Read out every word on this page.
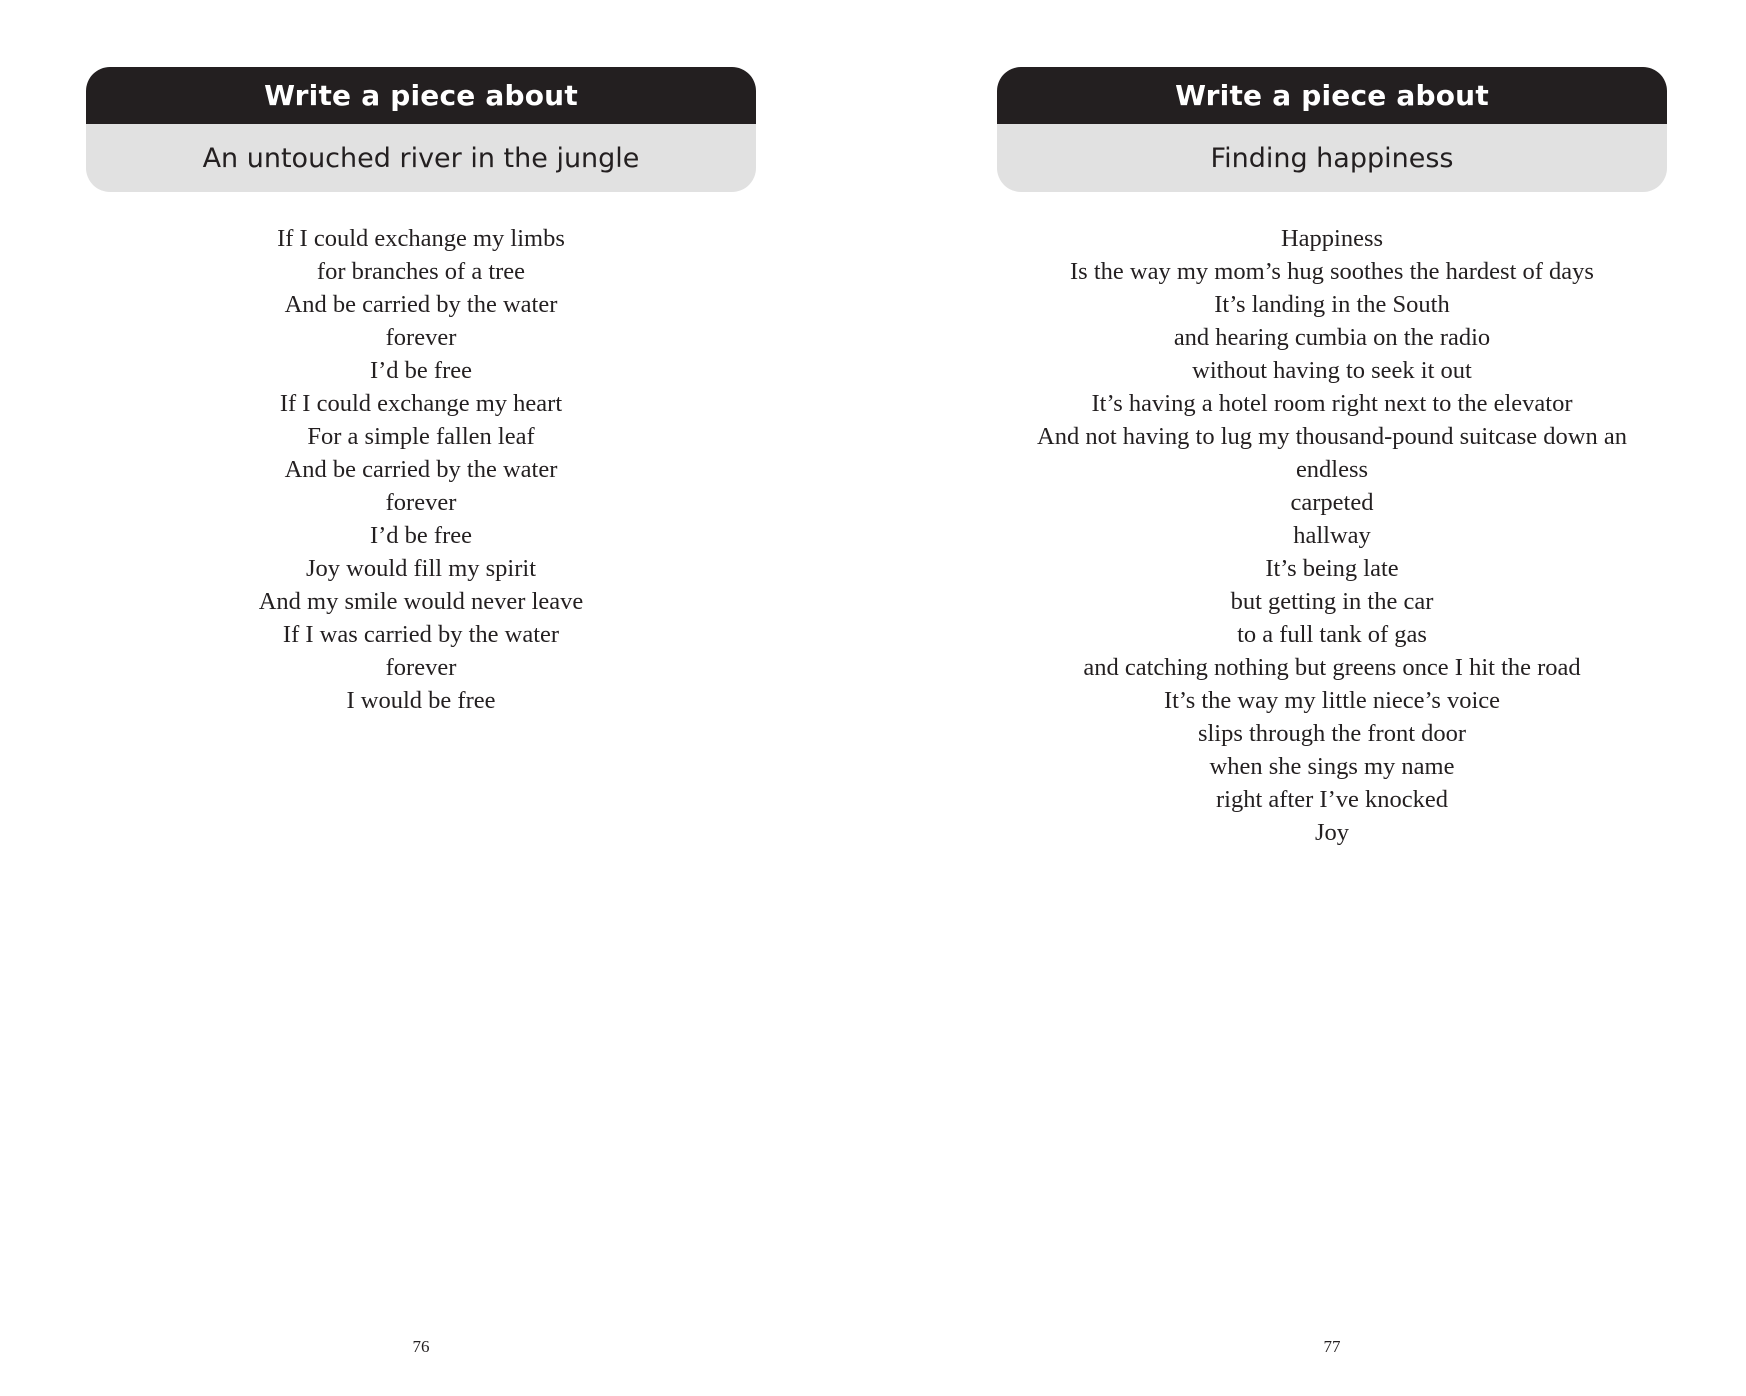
Write a piece about
An untouched river in the jungle
If I could exchange my limbs
for branches of a tree
And be carried by the water
forever
I’d be free
If I could exchange my heart
For a simple fallen leaf
And be carried by the water
forever
I’d be free
Joy would fill my spirit
And my smile would never leave
If I was carried by the water
forever
I would be free
76
Write a piece about
Finding happiness
Happiness
Is the way my mom’s hug soothes the hardest of days
It’s landing in the South
and hearing cumbia on the radio
without having to seek it out
It’s having a hotel room right next to the elevator
And not having to lug my thousand-pound suitcase down an
endless
carpeted
hallway
It’s being late
but getting in the car
to a full tank of gas
and catching nothing but greens once I hit the road
It’s the way my little niece’s voice
slips through the front door
when she sings my name
right after I’ve knocked
Joy
77
